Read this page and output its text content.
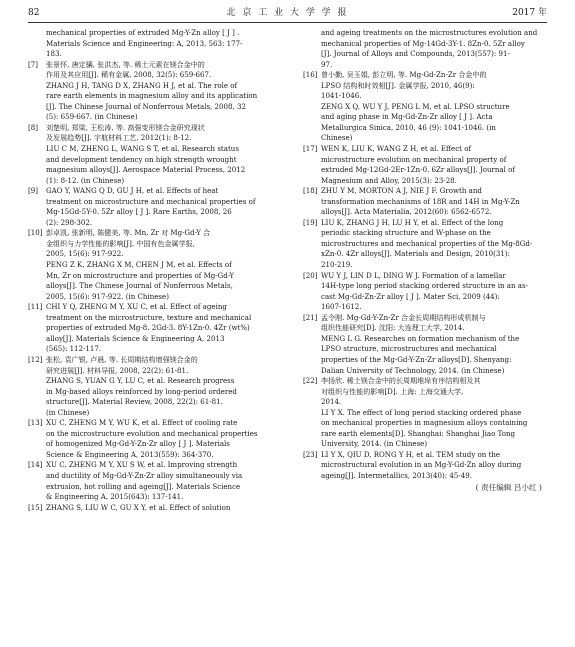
82	北 京 工 业 大 学 学 报	2017 年
mechanical properties of extruded Mg-Y-Zn alloy [ J ] .
Materials Science and Engineering: A, 2013, 563: 177-
183.
[7] 张景怀, 唐定骧, 张洪杰, 等. 稀土元素在镁合金中的
作用及其应用[J]. 稀有金属, 2008, 32(5): 659-667.
ZHANG J H, TANG D X, ZHANG H J, et al. The role of
rare earth elements in magnesium alloy and its application
[J]. The Chinese Journal of Nonferrous Metals, 2008, 32
(5): 659-667. (in Chinese)
[8] 刘楚明, 郑梁, 王松涛, 等. 高强变形镁合金研究现状
及发展趋势[J]. 宇航材料工艺, 2012(1): 8-12.
LIU C M, ZHENG L, WANG S T, et al. Research status
and development tendency on high strength wrought
magnesium alloys[J]. Aerospace Material Process, 2012
(1): 8-12. (in Chinese)
[9] GAO Y, WANG Q D, GU J H, et al. Effects of heat
treatment on microstructure and mechanical properties of
Mg-15Gd-5Y-0. 5Zr alloy [ J ]. Rare Earths, 2008, 26
(2): 298-302.
[10] 彭卓凯, 张新明, 陈健美, 等. Mn, Zr 对 Mg-Gd-Y 合
金组织与力学性能的影响[J]. 中国有色金属学报,
2005, 15(6): 917-922.
PENG Z K, ZHANG X M, CHEN J M, et al. Effects of
Mn, Zr on microstructure and properties of Mg-Gd-Y
alloys[J]. The Chinese Journal of Nonferrous Metals,
2005, 15(6): 917-922. (in Chinese)
[11] CHI Y Q, ZHENG M Y, XU C, et al. Effect of ageing
treatment on the microstructure, texture and mechanical
properties of extruded Mg-8. 2Gd-3. 8Y-1Zn-0. 4Zr (wt%)
alloy[J]. Materials Science & Engineering A, 2013
(565): 112-117.
[12] 张松, 袁广银, 卢晨, 等. 长周期结构增强镁合金的
研究进展[J]. 材料导报, 2008, 22(2): 61-81.
ZHANG S, YUAN G Y, LU C, et al. Research progress
in Mg-based alloys reinforced by long-period ordered
structure[J]. Material Review, 2008, 22(2): 61-81.
(in Chinese)
[13] XU C, ZHENG M Y, WU K, et al. Effect of cooling rate
on the microstructure evolution and mechanical properties
of homogenized Mg-Gd-Y-Zn-Zr alloy [ J ]. Materials
Science & Engineering A, 2013(559): 364-370.
[14] XU C, ZHENG M Y, XU S W, et al. Improving strength
and ductility of Mg-Gd-Y-Zn-Zr alloy simultaneously via
extrusion, hot rolling and ageing[J]. Materials Science
& Engineering A, 2015(643): 137-141.
[15] ZHANG S, LIU W C, GU X Y, et al. Effect of solution
and ageing treatments on the microstructures evolution and
mechanical properties of Mg-14Gd-3Y-1. 8Zn-0. 5Zr alloy
[J]. Journal of Alloys and Compounds, 2013(557): 91-
97.
[16] 曾小勤, 吴玉娟, 彭立明, 等. Mg-Gd-Zn-Zr 合金中的
LPSO 结构和时效相[J]. 金属学报, 2010, 46(9):
1041-1046.
ZENG X Q, WU Y J, PENG L M, et al. LPSO structure
and aging phase in Mg-Gd-Zn-Zr alloy [ J ]. Acta
Metallurgica Sinica, 2010, 46 (9): 1041-1046. (in
Chinese)
[17] WEN K, LIU K, WANG Z H, et al. Effect of
microstructure evolution on mechanical property of
extruded Mg-12Gd-2Er-1Zn-0. 6Zr alloys[J]. Journal of
Magnesium and Alloy, 2015(3): 23-28.
[18] ZHU Y M, MORTON A J, NIE J F. Growth and
transformation mechanisms of 18R and 14H in Mg-Y-Zn
alloys[J]. Acta Materialia, 2012(60): 6562-6572.
[19] LIU K, ZHANG J H, LU H Y, et al. Effect of the long
periodic stacking structure and W-phase on the
microstructures and mechanical properties of the Mg-8Gd-
xZn-0. 4Zr alloys[J]. Materials and Design, 2010(31):
210-219.
[20] WU Y J, LIN D L, DING W J. Formation of a lamellar
14H-type long period stacking ordered structure in an as-
cast Mg-Gd-Zn-Zr alloy [ J ]. Mater Sci, 2009 (44):
1607-1612.
[21] 孟令刚. Mg-Gd-Y-Zn-Zr 合金长周期结构形成机制与
组织性能研究[D]. 沈阳: 大连理工大学, 2014.
MENG L G. Researches on formation mechanism of the
LPSO structure, microstructures and mechanical
properties of the Mg-Gd-Y-Zn-Zr alloys[D]. Shenyang:
Dalian University of Technology, 2014. (in Chinese)
[22] 李扬欣. 稀土镁合金中的长周期堆垛有序结构相及其
对组织与性能的影响[D]. 上海: 上海交通大学,
2014.
LI Y X. The effect of long period stacking ordered phase
on mechanical properties in magnesium alloys containing
rare earth elements[D]. Shanghai: Shanghai Jiao Tong
University, 2014. (in Chinese)
[23] LI Y X, QIU D, RONG Y H, et al. TEM study on the
microstructural evolution in an Mg-Y-Gd-Zn alloy during
ageing[J]. Intermetallics, 2013(40): 45-49.
( 责任编辑 吕小红 )
